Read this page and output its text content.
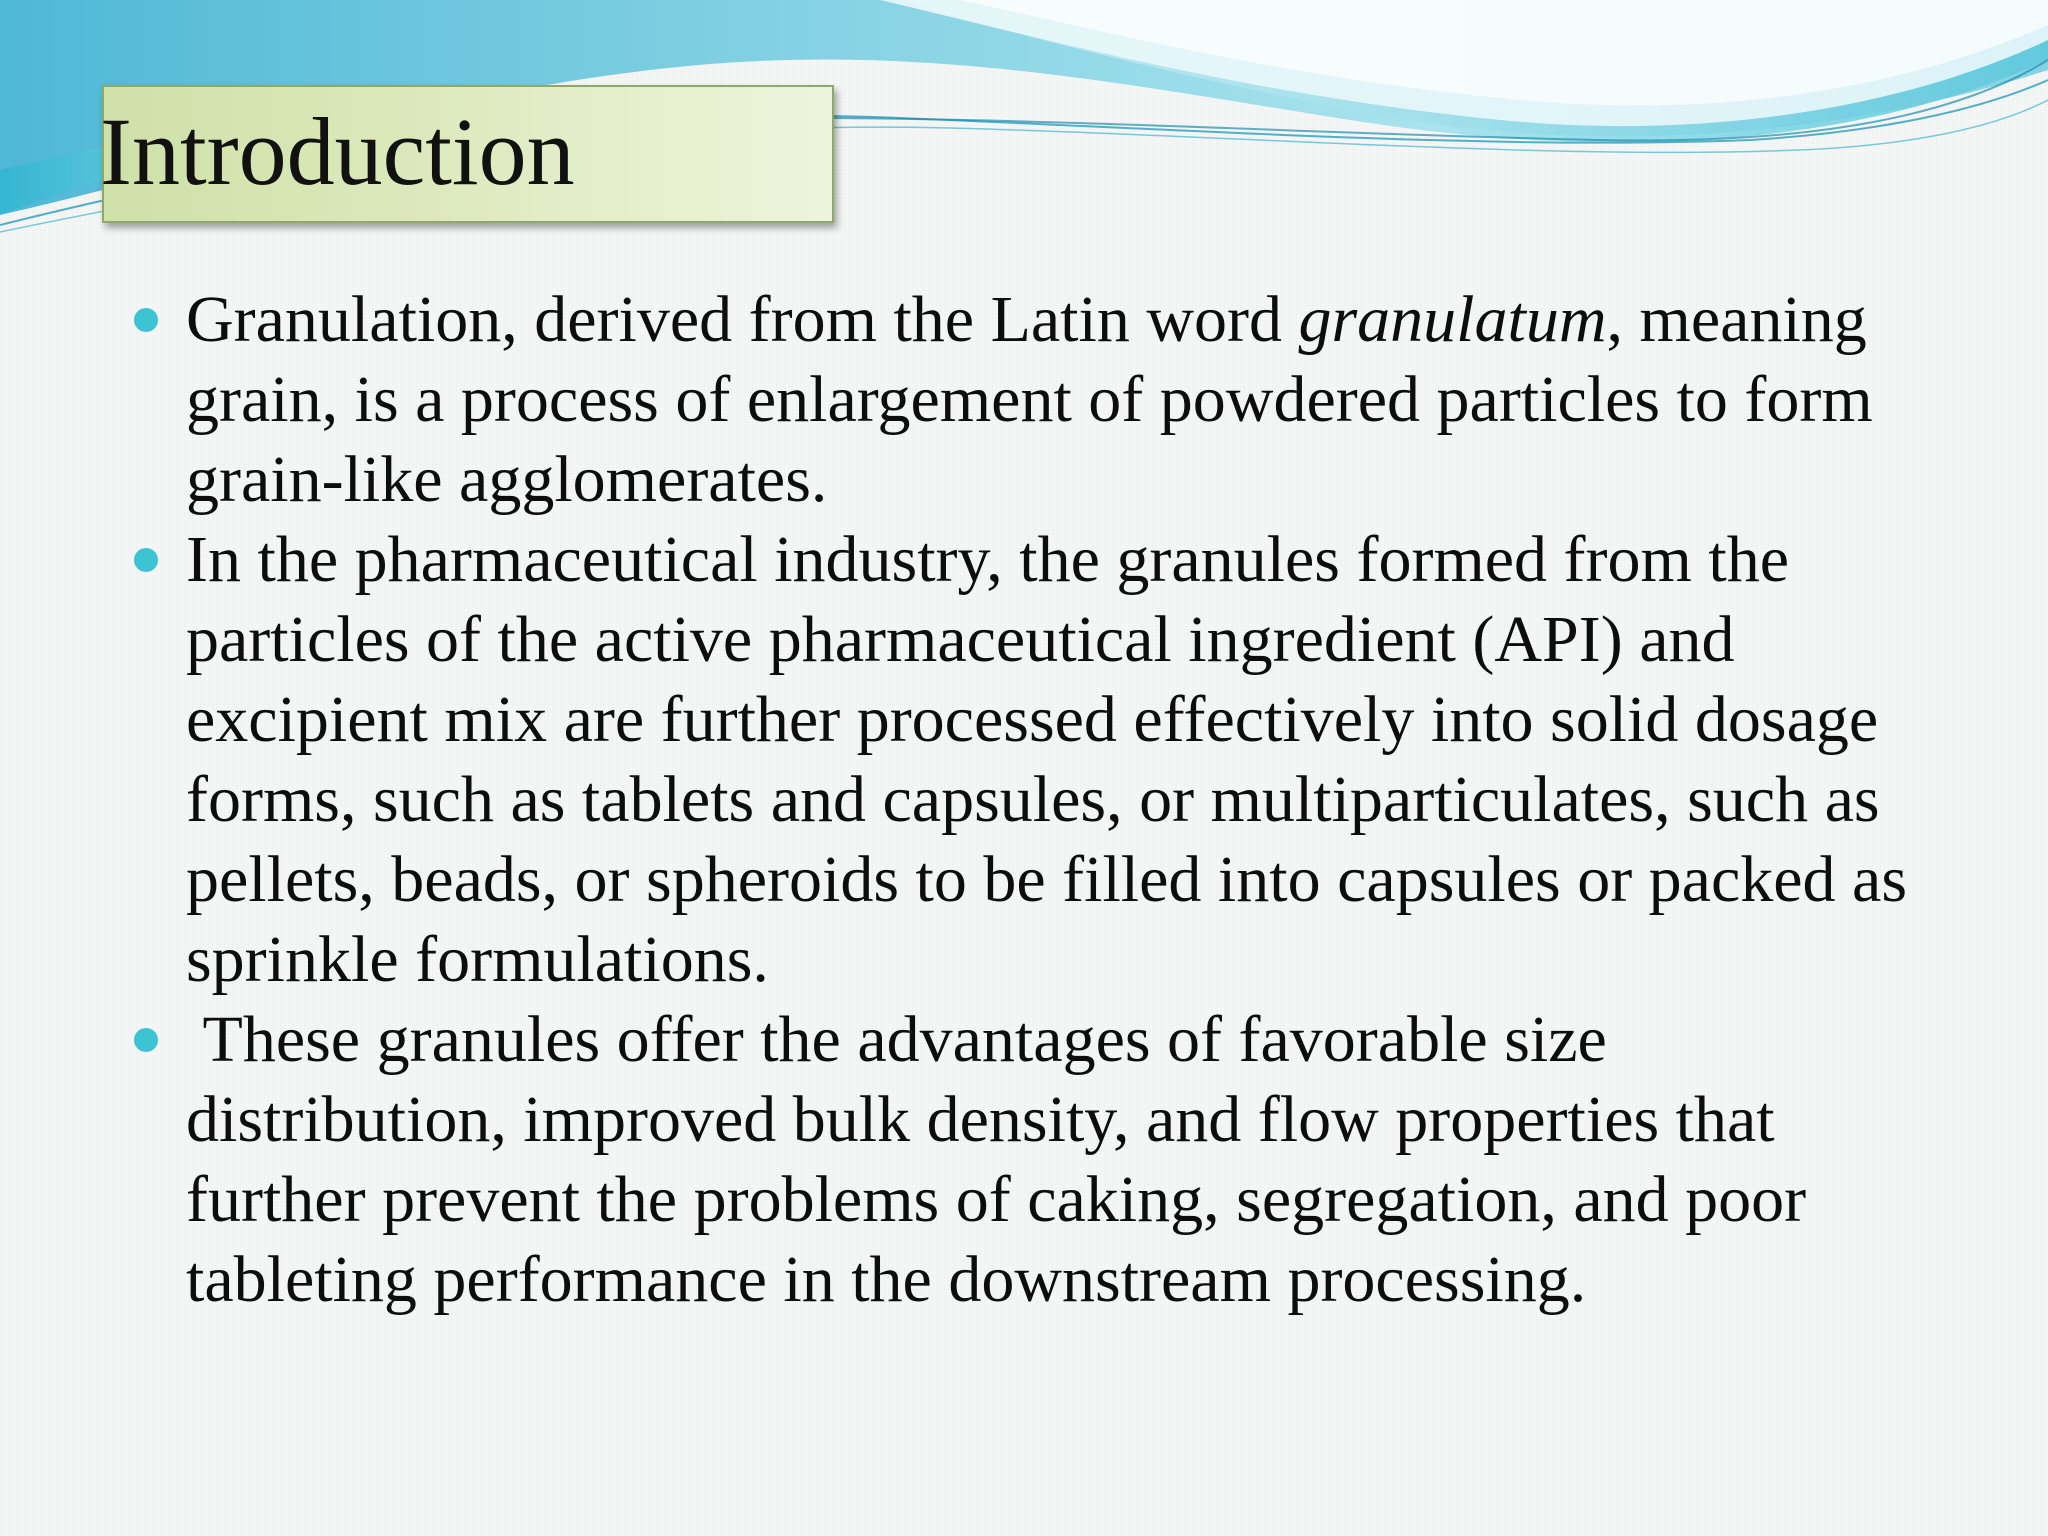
Introduction
Granulation, derived from the Latin word granulatum, meaning grain, is a process of enlargement of powdered particles to form grain-like agglomerates.
In the pharmaceutical industry, the granules formed from the particles of the active pharmaceutical ingredient (API) and excipient mix are further processed effectively into solid dosage forms, such as tablets and capsules, or multiparticulates, such as pellets, beads, or spheroids to be filled into capsules or packed as sprinkle formulations.
These granules offer the advantages of favorable size distribution, improved bulk density, and flow properties that further prevent the problems of caking, segregation, and poor tableting performance in the downstream processing.
